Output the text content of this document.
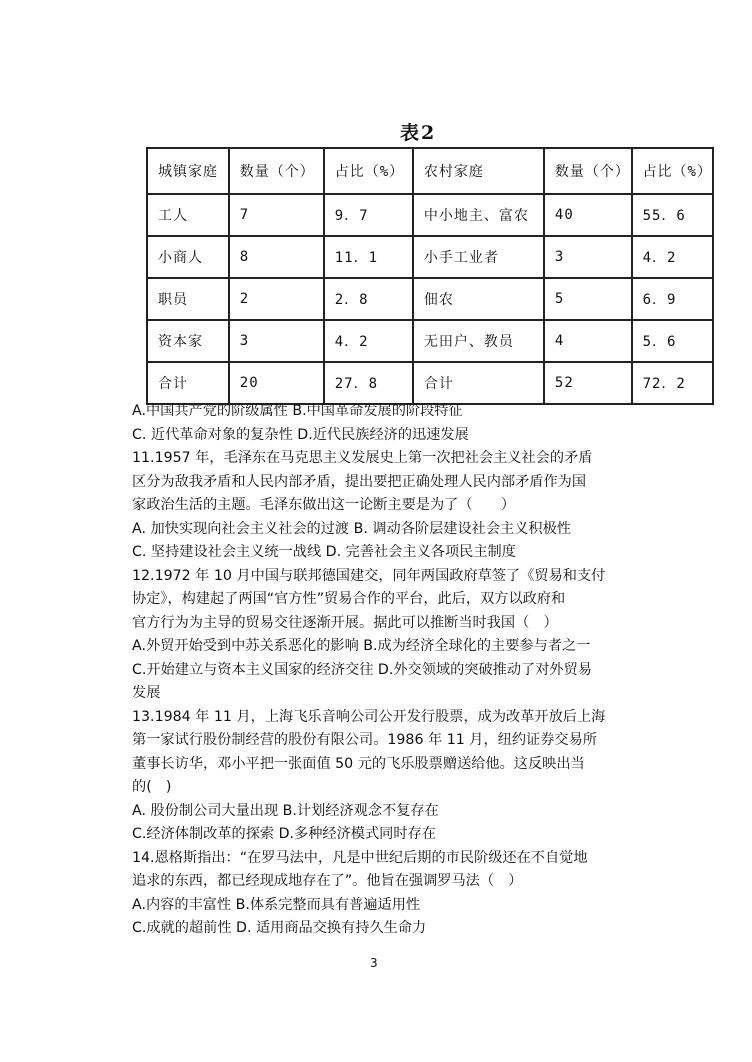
表2
城镇家庭	数量（个）	占比（%）	农村家庭	数量（个）	占比（%）
工人	7	9．7	中小地主、富农	40	55．6
小商人	8	11．1	小手工业者	3	4．2
职员	2	2．8	佃农	5	6．9
资本家	3	4．2	无田户、教员	4	5．6
合计	20	27．8	合计	52	72．2

A.中国共产党的阶级属性 B.中国革命发展的阶段特征

C. 近代革命对象的复杂性 D.近代民族经济的迅速发展

11.1957 年，毛泽东在马克思主义发展史上第一次把社会主义社会的矛盾

区分为敌我矛盾和人民内部矛盾，提出要把正确处理人民内部矛盾作为国

家政治生活的主题。毛泽东做出这一论断主要是为了（　　）

A. 加快实现向社会主义社会的过渡 B. 调动各阶层建设社会主义积极性

C. 坚持建设社会主义统一战线 D. 完善社会主义各项民主制度

12.1972 年 10 月中国与联邦德国建交，同年两国政府草签了《贸易和支付

协定》，构建起了两国“官方性”贸易合作的平台，此后，双方以政府和

官方行为为主导的贸易交往逐渐开展。据此可以推断当时我国（　）

A.外贸开始受到中苏关系恶化的影响 B.成为经济全球化的主要参与者之一

C.开始建立与资本主义国家的经济交往 D.外交领域的突破推动了对外贸易

发展

13.1984 年 11 月，上海飞乐音响公司公开发行股票，成为改革开放后上海

第一家试行股份制经营的股份有限公司。1986 年 11 月，纽约证券交易所

董事长访华，邓小平把一张面值 50 元的飞乐股票赠送给他。这反映出当

的(　)

A. 股份制公司大量出现 B.计划经济观念不复存在

C.经济体制改革的探索 D.多种经济模式同时存在

14.恩格斯指出：“在罗马法中，凡是中世纪后期的市民阶级还在不自觉地

追求的东西，都已经现成地存在了”。他旨在强调罗马法（　）

A.内容的丰富性 B.体系完整而具有普遍适用性

C.成就的超前性 D. 适用商品交换有持久生命力

3
